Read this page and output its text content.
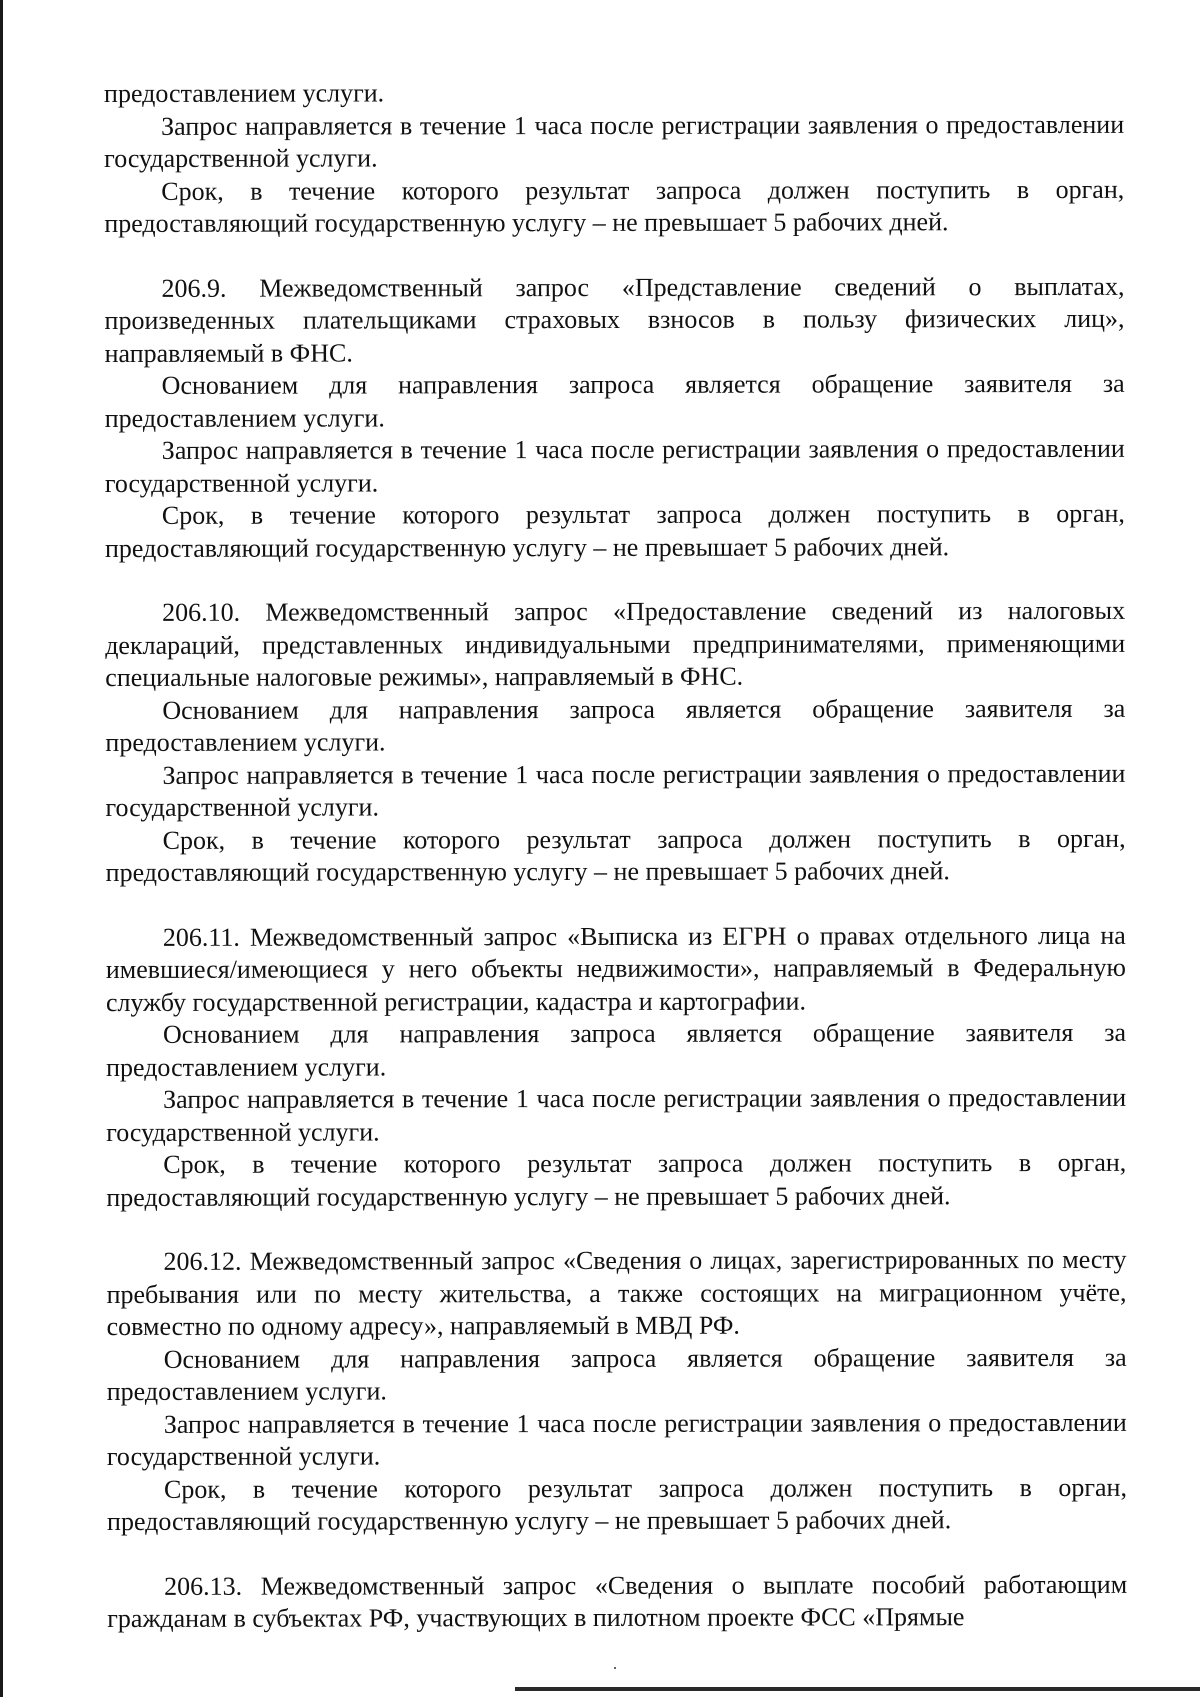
предоставлением услуги.

Запрос направляется в течение 1 часа после регистрации заявления о предоставлении государственной услуги.

Срок, в течение которого результат запроса должен поступить в орган, предоставляющий государственную услугу – не превышает 5 рабочих дней.

206.9. Межведомственный запрос «Представление сведений о выплатах, произведенных плательщиками страховых взносов в пользу физических лиц», направляемый в ФНС.

Основанием для направления запроса является обращение заявителя за предоставлением услуги.

Запрос направляется в течение 1 часа после регистрации заявления о предоставлении государственной услуги.

Срок, в течение которого результат запроса должен поступить в орган, предоставляющий государственную услугу – не превышает 5 рабочих дней.

206.10. Межведомственный запрос «Предоставление сведений из налоговых деклараций, представленных индивидуальными предпринимателями, применяющими специальные налоговые режимы», направляемый в ФНС.

Основанием для направления запроса является обращение заявителя за предоставлением услуги.

Запрос направляется в течение 1 часа после регистрации заявления о предоставлении государственной услуги.

Срок, в течение которого результат запроса должен поступить в орган, предоставляющий государственную услугу – не превышает 5 рабочих дней.

206.11. Межведомственный запрос «Выписка из ЕГРН о правах отдельного лица на имевшиеся/имеющиеся у него объекты недвижимости», направляемый в Федеральную службу государственной регистрации, кадастра и картографии.

Основанием для направления запроса является обращение заявителя за предоставлением услуги.

Запрос направляется в течение 1 часа после регистрации заявления о предоставлении государственной услуги.

Срок, в течение которого результат запроса должен поступить в орган, предоставляющий государственную услугу – не превышает 5 рабочих дней.

206.12. Межведомственный запрос «Сведения о лицах, зарегистрированных по месту пребывания или по месту жительства, а также состоящих на миграционном учёте, совместно по одному адресу», направляемый в МВД РФ.

Основанием для направления запроса является обращение заявителя за предоставлением услуги.

Запрос направляется в течение 1 часа после регистрации заявления о предоставлении государственной услуги.

Срок, в течение которого результат запроса должен поступить в орган, предоставляющий государственную услугу – не превышает 5 рабочих дней.

206.13. Межведомственный запрос «Сведения о выплате пособий работающим гражданам в субъектах РФ, участвующих в пилотном проекте ФСС «Прямые
